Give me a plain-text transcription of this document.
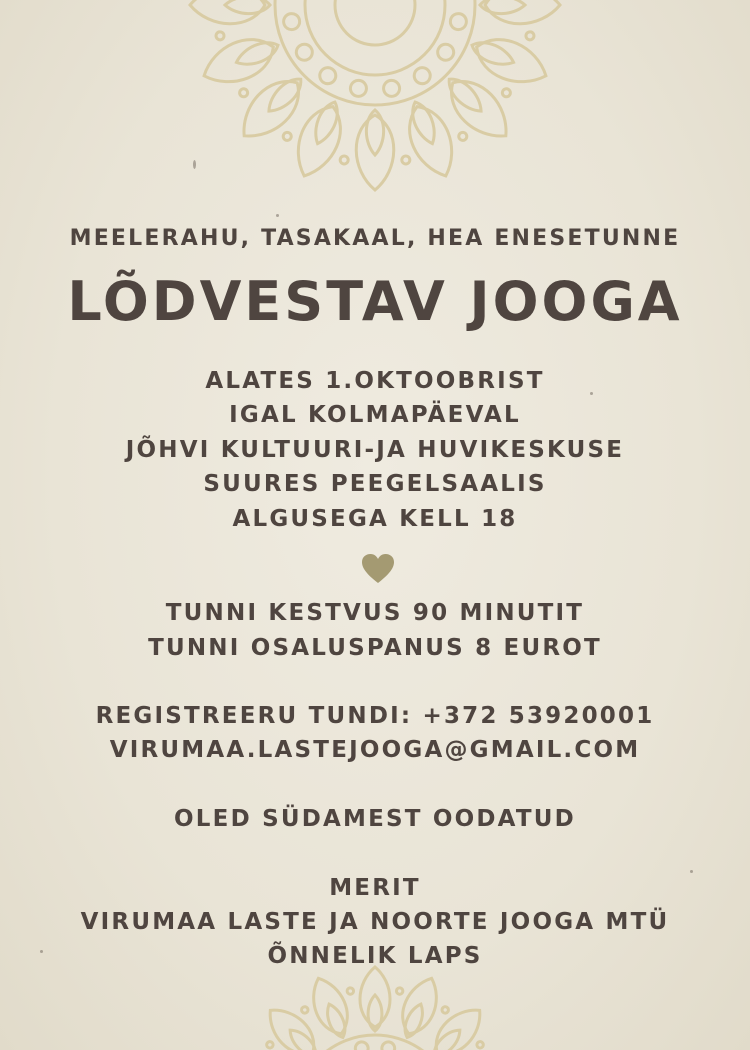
MEELERAHU, TASAKAAL, HEA ENESETUNNE
LÕDVESTAV JOOGA
ALATES 1.OKTOOBRIST
IGAL KOLMAPÄEVAL
JÕHVI KULTUURI-JA HUVIKESKUSE
SUURES PEEGELSAALIS
ALGUSEGA KELL 18
TUNNI KESTVUS 90 MINUTIT
TUNNI OSALUSPANUS 8 EUROT
REGISTREERU TUNDI: +372 53920001
VIRUMAA.LASTEJOOGA@GMAIL.COM
OLED SÜDAMEST OODATUD
MERIT
VIRUMAA LASTE JA NOORTE JOOGA MTÜ
ÕNNELIK LAPS
